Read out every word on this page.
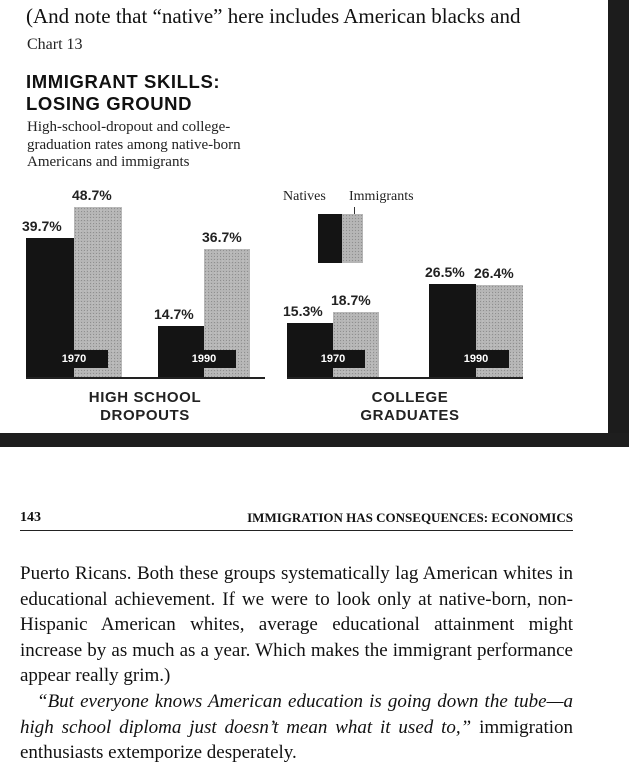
(And note that “native” here includes American blacks and
Chart 13
IMMIGRANT SKILLS:
LOSING GROUND
High-school-dropout and college-graduation rates among native-born Americans and immigrants
Natives Immigrants
39.7%
48.7%
1970
14.7%
36.7%
1990
15.3%
18.7%
1970
26.5% 26.4%
1990
HIGH SCHOOL
DROPOUTS
COLLEGE
GRADUATES
143	IMMIGRATION HAS CONSEQUENCES: ECONOMICS

Puerto Ricans. Both these groups systematically lag American whites in educational achievement. If we were to look only at native-born, non-Hispanic American whites, average educational attainment might increase by as much as a year. Which makes the immigrant performance appear really grim.)

“But everyone knows American education is going down the tube—a high school diploma just doesn’t mean what it used to,” immigration enthusiasts extemporize desperately.
